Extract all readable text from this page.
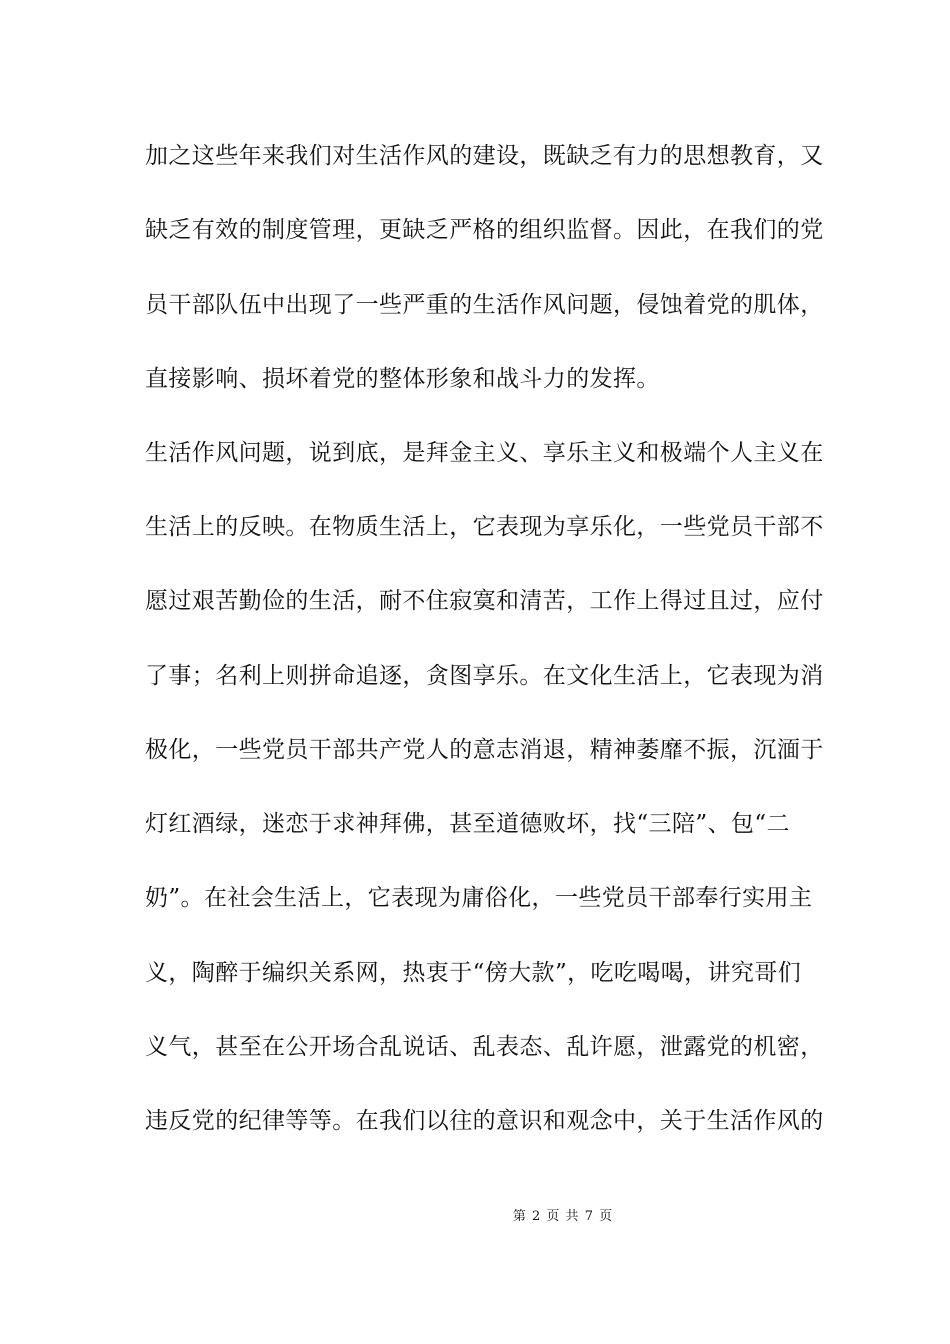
加之这些年来我们对生活作风的建设，既缺乏有力的思想教育，又
缺乏有效的制度管理，更缺乏严格的组织监督。因此，在我们的党
员干部队伍中出现了一些严重的生活作风问题，侵蚀着党的肌体，
直接影响、损坏着党的整体形象和战斗力的发挥。
生活作风问题，说到底，是拜金主义、享乐主义和极端个人主义在
生活上的反映。在物质生活上，它表现为享乐化，一些党员干部不
愿过艰苦勤俭的生活，耐不住寂寞和清苦，工作上得过且过，应付
了事；名利上则拼命追逐，贪图享乐。在文化生活上，它表现为消
极化，一些党员干部共产党人的意志消退，精神萎靡不振，沉湎于
灯红酒绿，迷恋于求神拜佛，甚至道德败坏，找“三陪”、包“二
奶”。在社会生活上，它表现为庸俗化，一些党员干部奉行实用主
义，陶醉于编织关系网，热衷于“傍大款”，吃吃喝喝，讲究哥们
义气，甚至在公开场合乱说话、乱表态、乱许愿，泄露党的机密，
违反党的纪律等等。在我们以往的意识和观念中，关于生活作风的
第 2 页 共 7 页
